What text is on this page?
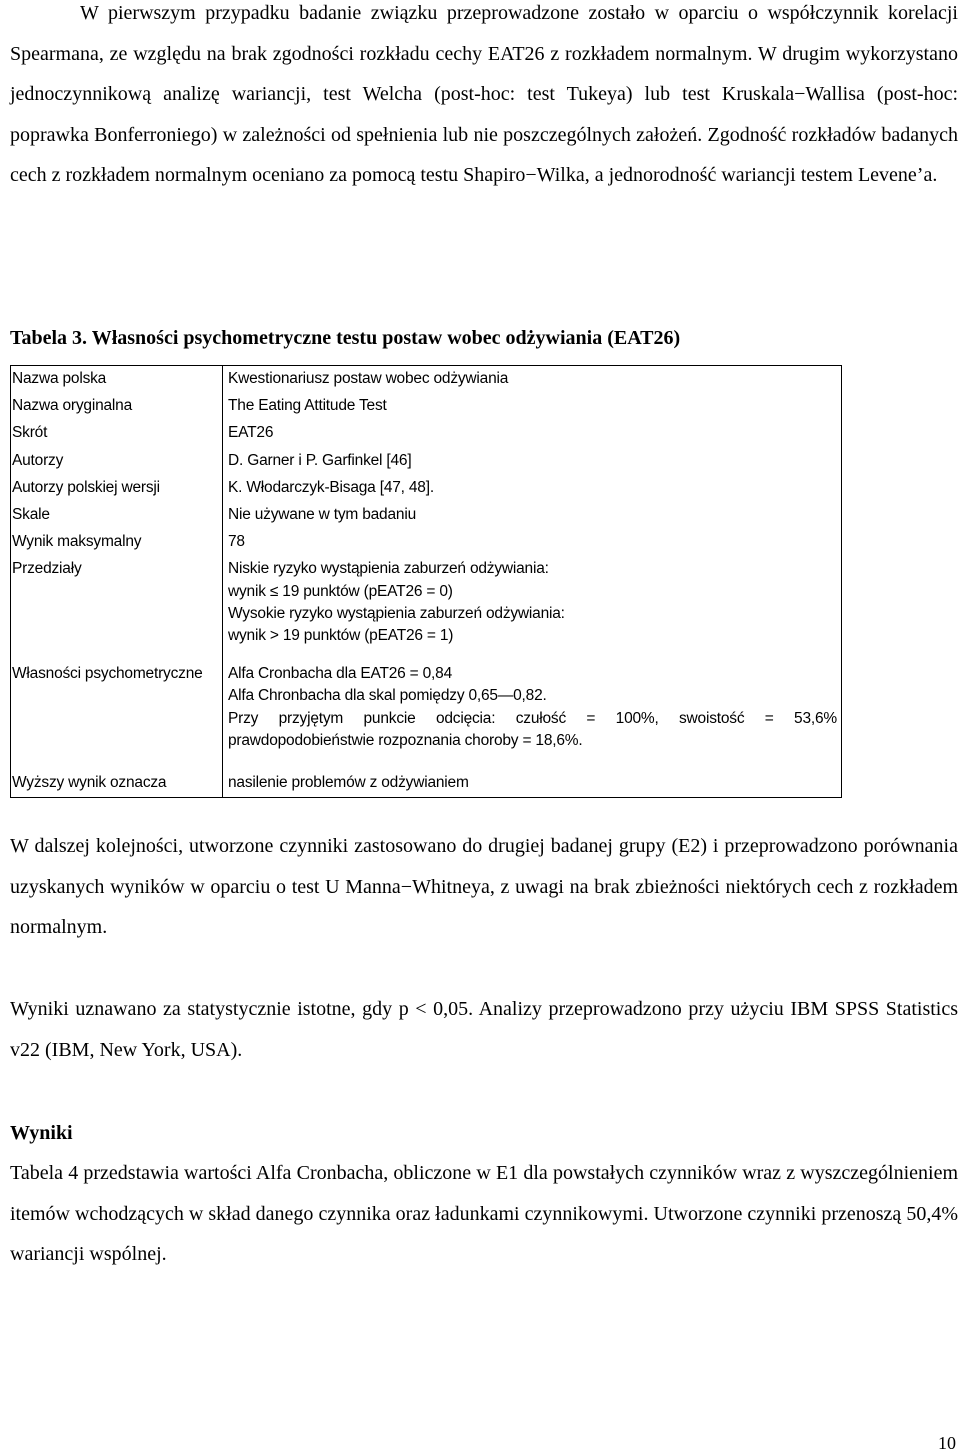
W pierwszym przypadku badanie związku przeprowadzone zostało w oparciu o współczynnik korelacji Spearmana, ze względu na brak zgodności rozkładu cechy EAT26 z rozkładem normalnym. W drugim wykorzystano jednoczynnikową analizę wariancji, test Welcha (post-hoc: test Tukeya) lub test Kruskala−Wallisa (post-hoc: poprawka Bonferroniego) w zależności od spełnienia lub nie poszczególnych założeń. Zgodność rozkładów badanych cech z rozkładem normalnym oceniano za pomocą testu Shapiro−Wilka, a jednorodność wariancji testem Levene’a.

Tabela 3. Własności psychometryczne testu postaw wobec odżywiania (EAT26)

Nazwa polska	Kwestionariusz postaw wobec odżywiania

Nazwa oryginalna	The Eating Attitude Test

Skrót	EAT26

Autorzy	D. Garner i P. Garfinkel [46]

Autorzy polskiej wersji	K. Włodarczyk-Bisaga [47, 48].

Skale	Nie używane w tym badaniu

Wynik maksymalny	78

Przedziały	Niskie ryzyko wystąpienia zaburzeń odżywiania:
wynik ≤ 19 punktów (pEAT26 = 0)
Wysokie ryzyko wystąpienia zaburzeń odżywiania:
wynik > 19 punktów (pEAT26 = 1)

Własności psychometryczne	Alfa Cronbacha dla EAT26 = 0,84
Alfa Chronbacha dla skal pomiędzy 0,65—0,82.
Przy przyjętym punkcie odcięcia: czułość = 100%, swoistość = 53,6%
prawdopodobieństwie rozpoznania choroby = 18,6%.

Wyższy wynik oznacza	nasilenie problemów z odżywianiem

W dalszej kolejności, utworzone czynniki zastosowano do drugiej badanej grupy (E2) i przeprowadzono porównania uzyskanych wyników w oparciu o test U Manna−Whitneya, z uwagi na brak zbieżności niektórych cech z rozkładem normalnym.

Wyniki uznawano za statystycznie istotne, gdy p < 0,05. Analizy przeprowadzono przy użyciu IBM SPSS Statistics v22 (IBM, New York, USA).

Wyniki

Tabela 4 przedstawia wartości Alfa Cronbacha, obliczone w E1 dla powstałych czynników wraz z wyszczególnieniem itemów wchodzących w skład danego czynnika oraz ładunkami czynnikowymi. Utworzone czynniki przenoszą 50,4% wariancji wspólnej.

10
